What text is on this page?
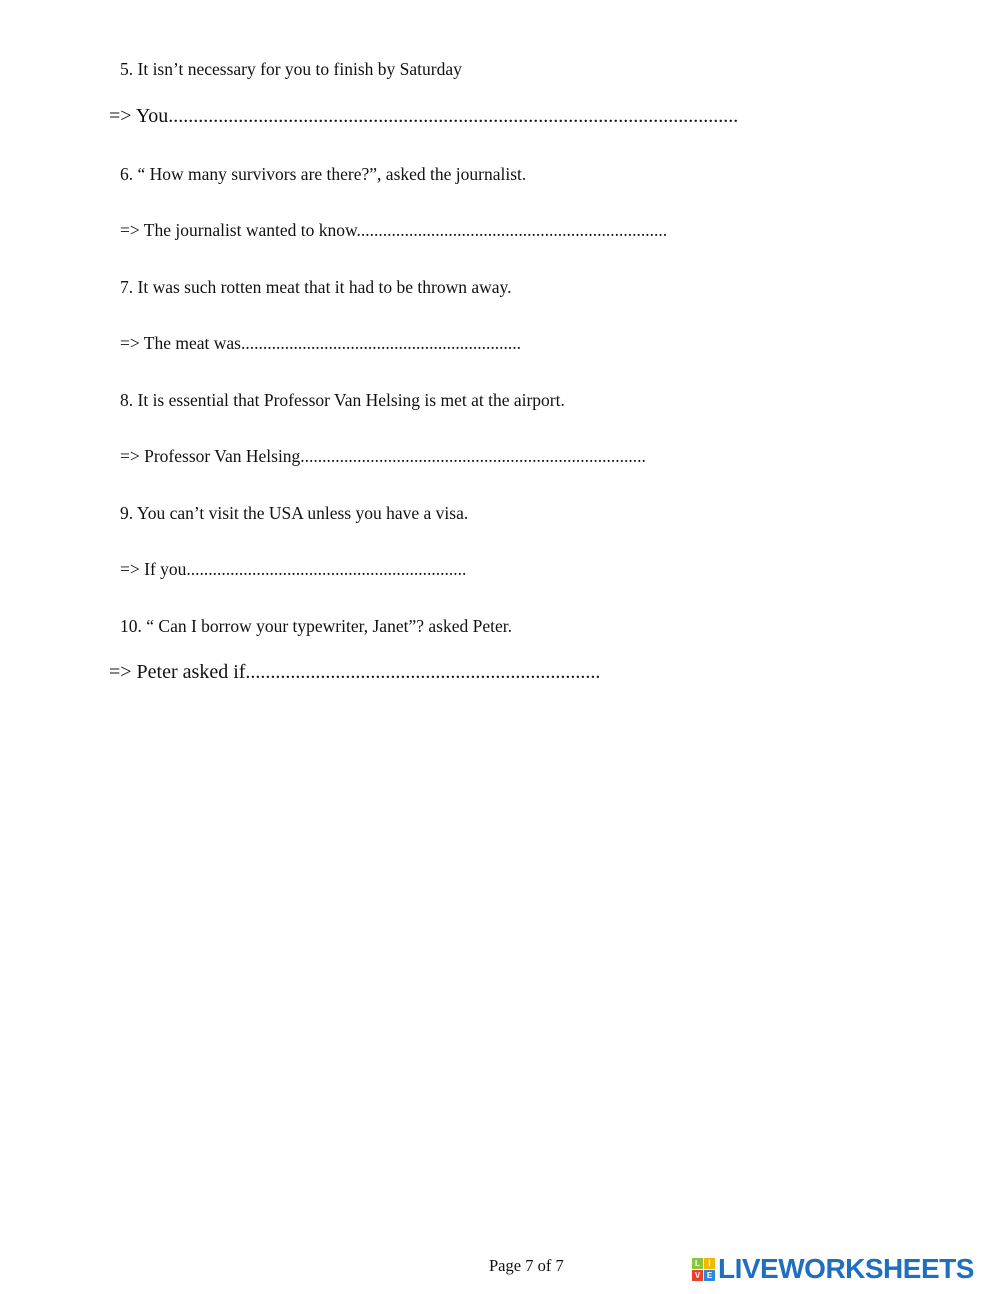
5. It isn’t necessary for you to finish by Saturday
=> You..................................................................................................................
6. “ How many survivors are there?”, asked the journalist.
=> The journalist wanted to know.......................................................................
7. It was such rotten meat that it had to be thrown away.
=> The meat was................................................................
8. It is essential that Professor Van Helsing is met at the airport.
=> Professor Van Helsing...............................................................................
9. You can’t visit the USA unless you have a visa.
=> If you................................................................
10. “ Can I borrow your typewriter, Janet”? asked Peter.
=> Peter asked if.......................................................................
Page 7 of 7	L	I
V E LIVEWORKSHEETS
